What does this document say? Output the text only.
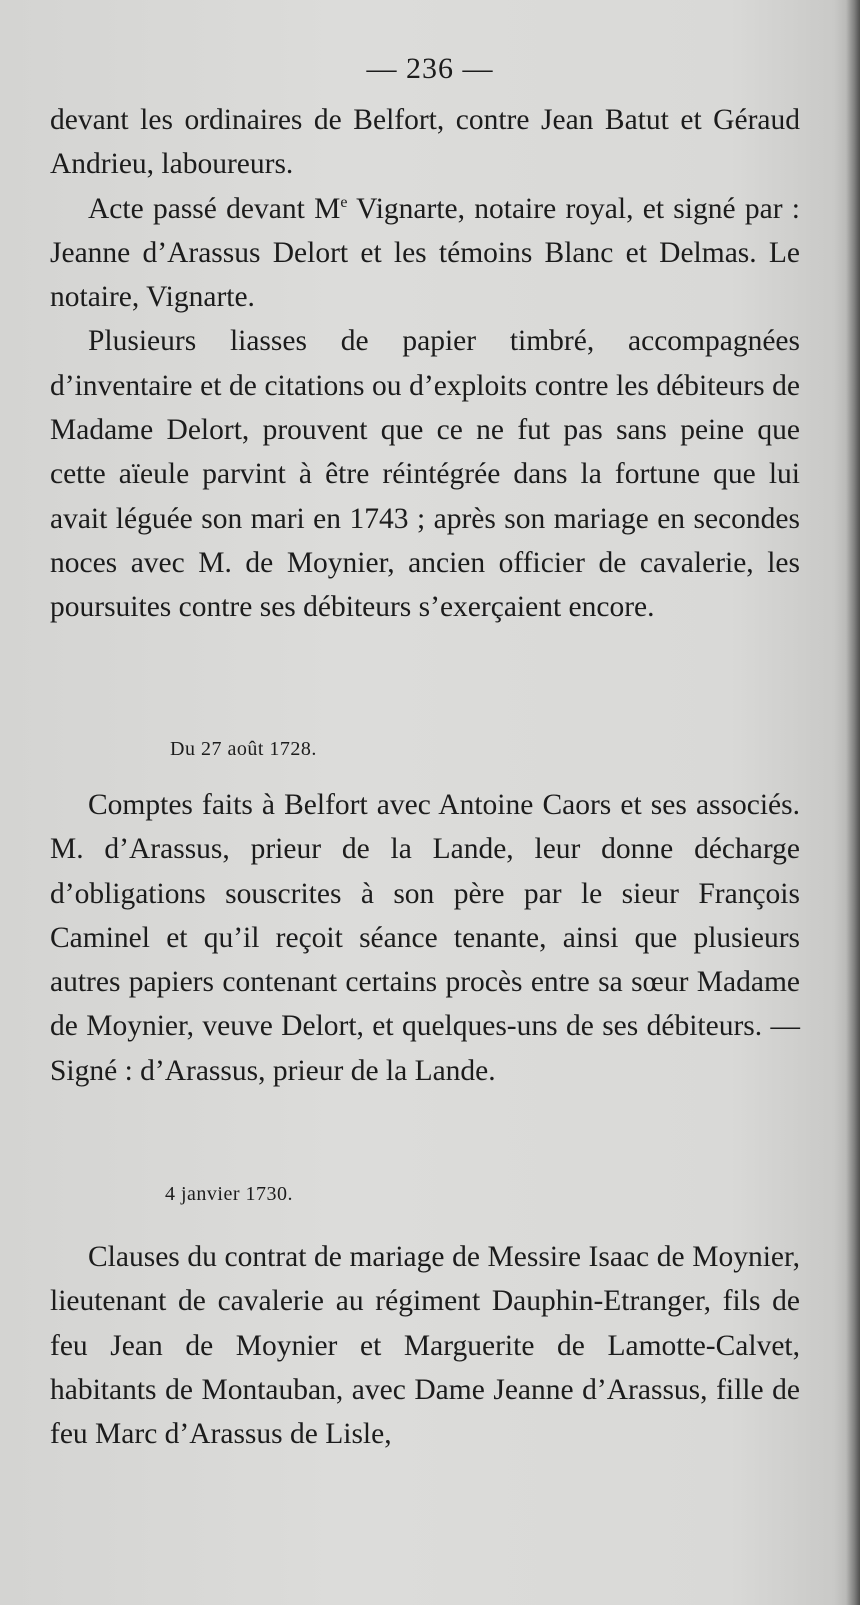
— 236 —

devant les ordinaires de Belfort, contre Jean Batut et Géraud Andrieu, laboureurs.

Acte passé devant Me Vignarte, notaire royal, et signé par : Jeanne d’Arassus Delort et les témoins Blanc et Delmas. Le notaire, Vignarte.

Plusieurs liasses de papier timbré, accompagnées d’inventaire et de citations ou d’exploits contre les débiteurs de Madame Delort, prouvent que ce ne fut pas sans peine que cette aïeule parvint à être réintégrée dans la fortune que lui avait léguée son mari en 1743 ; après son mariage en secondes noces avec M. de Moynier, ancien officier de cavalerie, les poursuites contre ses débiteurs s’exerçaient encore.

Du 27 août 1728.

Comptes faits à Belfort avec Antoine Caors et ses associés. M. d’Arassus, prieur de la Lande, leur donne décharge d’obligations souscrites à son père par le sieur François Caminel et qu’il reçoit séance tenante, ainsi que plusieurs autres papiers contenant certains procès entre sa sœur Madame de Moynier, veuve Delort, et quelques-uns de ses débiteurs. — Signé : d’Arassus, prieur de la Lande.

4 janvier 1730.

Clauses du contrat de mariage de Messire Isaac de Moynier, lieutenant de cavalerie au régiment Dauphin-Etranger, fils de feu Jean de Moynier et Marguerite de Lamotte-Calvet, habitants de Montauban, avec Dame Jeanne d’Arassus, fille de feu Marc d’Arassus de Lisle,
